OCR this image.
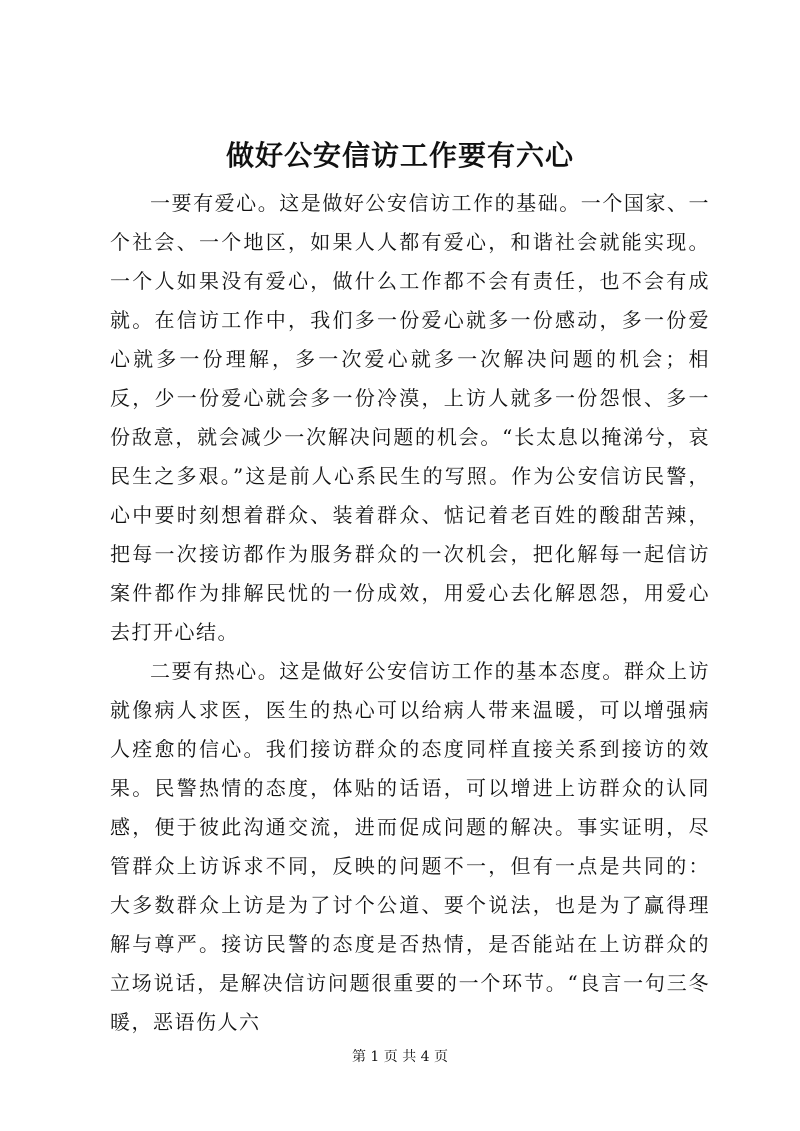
做好公安信访工作要有六心

一要有爱心。这是做好公安信访工作的基础。一个国家、一个社会、一个地区，如果人人都有爱心，和谐社会就能实现。一个人如果没有爱心，做什么工作都不会有责任，也不会有成就。在信访工作中，我们多一份爱心就多一份感动，多一份爱心就多一份理解，多一次爱心就多一次解决问题的机会；相反，少一份爱心就会多一份冷漠，上访人就多一份怨恨、多一份敌意，就会减少一次解决问题的机会。“长太息以掩涕兮，哀民生之多艰。”这是前人心系民生的写照。作为公安信访民警，心中要时刻想着群众、装着群众、惦记着老百姓的酸甜苦辣，把每一次接访都作为服务群众的一次机会，把化解每一起信访案件都作为排解民忧的一份成效，用爱心去化解恩怨，用爱心去打开心结。

二要有热心。这是做好公安信访工作的基本态度。群众上访就像病人求医，医生的热心可以给病人带来温暖，可以增强病人痊愈的信心。我们接访群众的态度同样直接关系到接访的效果。民警热情的态度，体贴的话语，可以增进上访群众的认同感，便于彼此沟通交流，进而促成问题的解决。事实证明，尽管群众上访诉求不同，反映的问题不一，但有一点是共同的：大多数群众上访是为了讨个公道、要个说法，也是为了赢得理解与尊严。接访民警的态度是否热情，是否能站在上访群众的立场说话，是解决信访问题很重要的一个环节。“良言一句三冬暖，恶语伤人六

第 1 页 共 4 页
